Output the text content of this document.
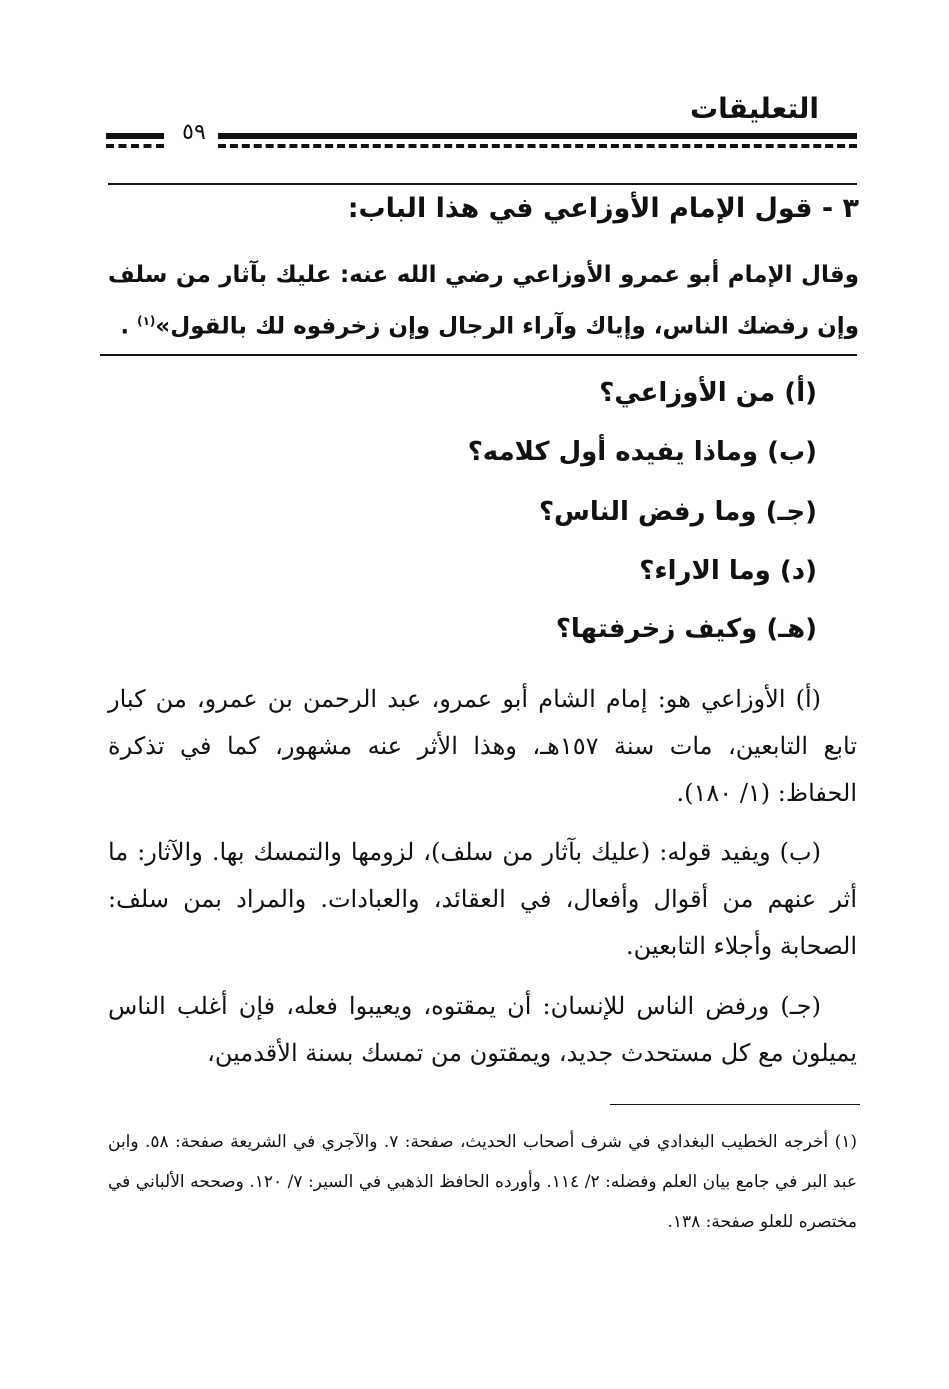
التعليقات
٥٩
٣ - قول الإمام الأوزاعي في هذا الباب:
وقال الإمام أبو عمرو الأوزاعي رضي الله عنه: عليك بآثار من سلف وإن رفضك الناس، وإياك وآراء الرجال وإن زخرفوه لك بالقول»$^{(١)}$ .
(أ) من الأوزاعي؟
(ب) وماذا يفيده أول كلامه؟
(جـ) وما رفض الناس؟
(د) وما الاراء؟
(هـ) وكيف زخرفتها؟
(أ) الأوزاعي هو: إمام الشام أبو عمرو، عبد الرحمن بن عمرو، من كبار تابع التابعين، مات سنة ١٥٧هـ، وهذا الأثر عنه مشهور، كما في تذكرة الحفاظ: (١/ ١٨٠).
(ب) ويفيد قوله: (عليك بآثار من سلف)، لزومها والتمسك بها. والآثار: ما أثر عنهم من أقوال وأفعال، في العقائد، والعبادات. والمراد بمن سلف: الصحابة وأجلاء التابعين.
(جـ) ورفض الناس للإنسان: أن يمقتوه، ويعيبوا فعله، فإن أغلب الناس يميلون مع كل مستحدث جديد، ويمقتون من تمسك بسنة الأقدمين،
(١) أخرجه الخطيب البغدادي في شرف أصحاب الحديث، صفحة: ٧. والآجري في الشريعة صفحة: ٥٨. وابن عبد البر في جامع بيان العلم وفضله: ٢/ ١١٤. وأورده الحافظ الذهبي في السير: ٧/ ١٢٠. وصححه الألباني في مختصره للعلو صفحة: ١٣٨.
